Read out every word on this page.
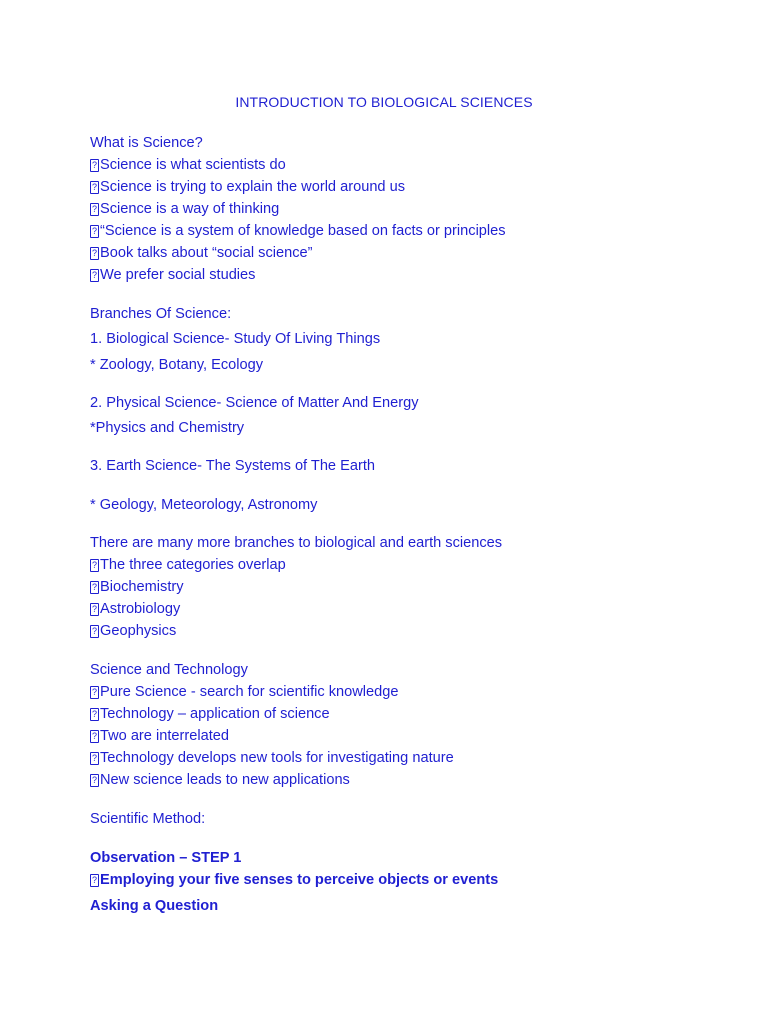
INTRODUCTION TO BIOLOGICAL SCIENCES
What is Science?
? Science is what scientists do
? Science is trying to explain the world around us
? Science is a way of thinking
? “Science is a system of knowledge based on facts or principles
? Book talks about “social science”
? We prefer social studies
Branches Of Science:
1. Biological Science- Study Of Living Things
* Zoology, Botany, Ecology
2. Physical Science- Science of Matter And Energy
*Physics and Chemistry
3. Earth Science- The Systems of The Earth
* Geology, Meteorology, Astronomy
There are many more branches to biological and earth sciences
? The three categories overlap
? Biochemistry
? Astrobiology
? Geophysics
Science and Technology
? Pure Science - search for scientific knowledge
? Technology – application of science
? Two are interrelated
? Technology develops new tools for investigating nature
? New science leads to new applications
Scientific Method:
Observation – STEP 1
? Employing your five senses to perceive objects or events
Asking a Question
